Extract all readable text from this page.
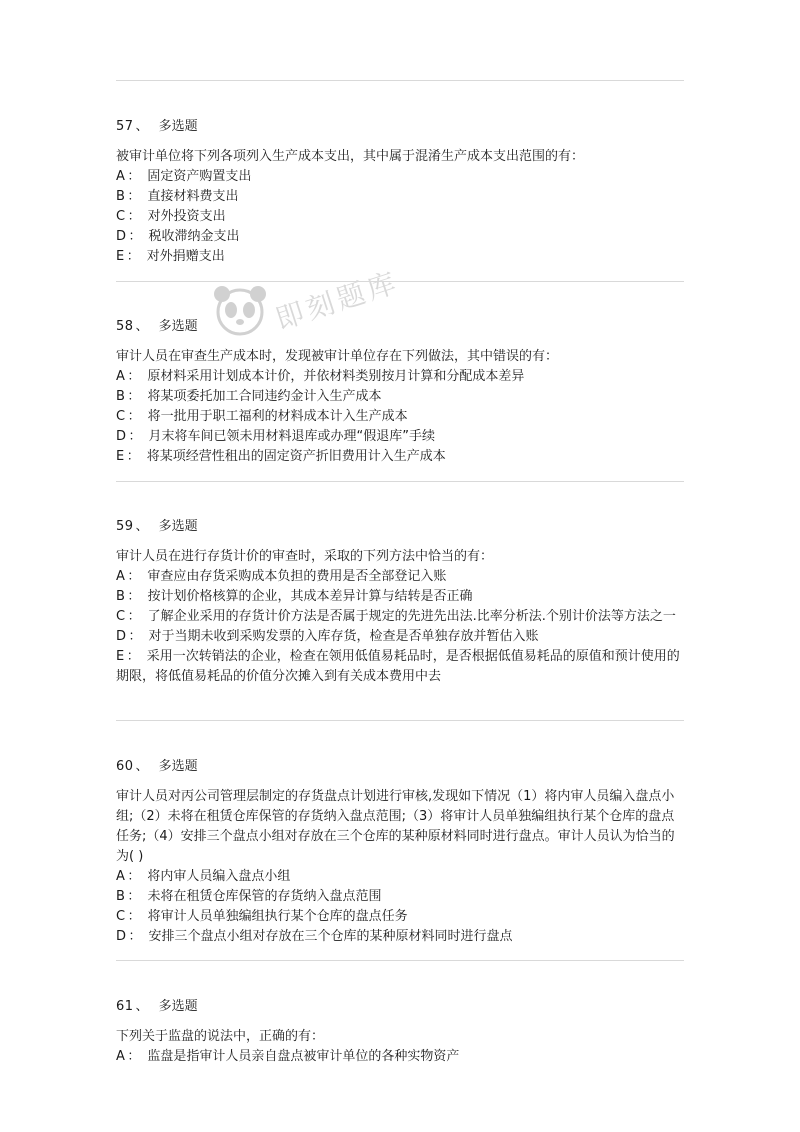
即刻题库
57 、 多选题

被审计单位将下列各项列入生产成本支出，其中属于混淆生产成本支出范围的有：

A ： 固定资产购置支出

B ： 直接材料费支出

C ： 对外投资支出

D ： 税收滞纳金支出

E ： 对外捐赠支出

58 、 多选题

审计人员在审查生产成本时，发现被审计单位存在下列做法，其中错误的有：

A ： 原材料采用计划成本计价，并依材料类别按月计算和分配成本差异

B ： 将某项委托加工合同违约金计入生产成本

C ： 将一批用于职工福利的材料成本计入生产成本

D ： 月末将车间已领未用材料退库或办理“假退库”手续

E ： 将某项经营性租出的固定资产折旧费用计入生产成本

59 、 多选题

审计人员在进行存货计价的审查时，采取的下列方法中恰当的有：

A ： 审查应由存货采购成本负担的费用是否全部登记入账

B ： 按计划价格核算的企业，其成本差异计算与结转是否正确

C ： 了解企业采用的存货计价方法是否属于规定的先进先出法.比率分析法.个别计价法等方法之一

D ： 对于当期未收到采购发票的入库存货，检查是否单独存放并暂估入账

E ： 采用一次转销法的企业，检查在领用低值易耗品时，是否根据低值易耗品的原值和预计使用的期限，将低值易耗品的价值分次摊入到有关成本费用中去

60 、 多选题

审计人员对丙公司管理层制定的存货盘点计划进行审核,发现如下情况（1）将内审人员编入盘点小组;（2）未将在租赁仓库保管的存货纳入盘点范围;（3）将审计人员单独编组执行某个仓库的盘点任务;（4）安排三个盘点小组对存放在三个仓库的某种原材料同时进行盘点。审计人员认为恰当的为( )

A ： 将内审人员编入盘点小组

B ： 未将在租赁仓库保管的存货纳入盘点范围

C ： 将审计人员单独编组执行某个仓库的盘点任务

D ： 安排三个盘点小组对存放在三个仓库的某种原材料同时进行盘点

61 、 多选题

下列关于监盘的说法中，正确的有：

A ： 监盘是指审计人员亲自盘点被审计单位的各种实物资产
